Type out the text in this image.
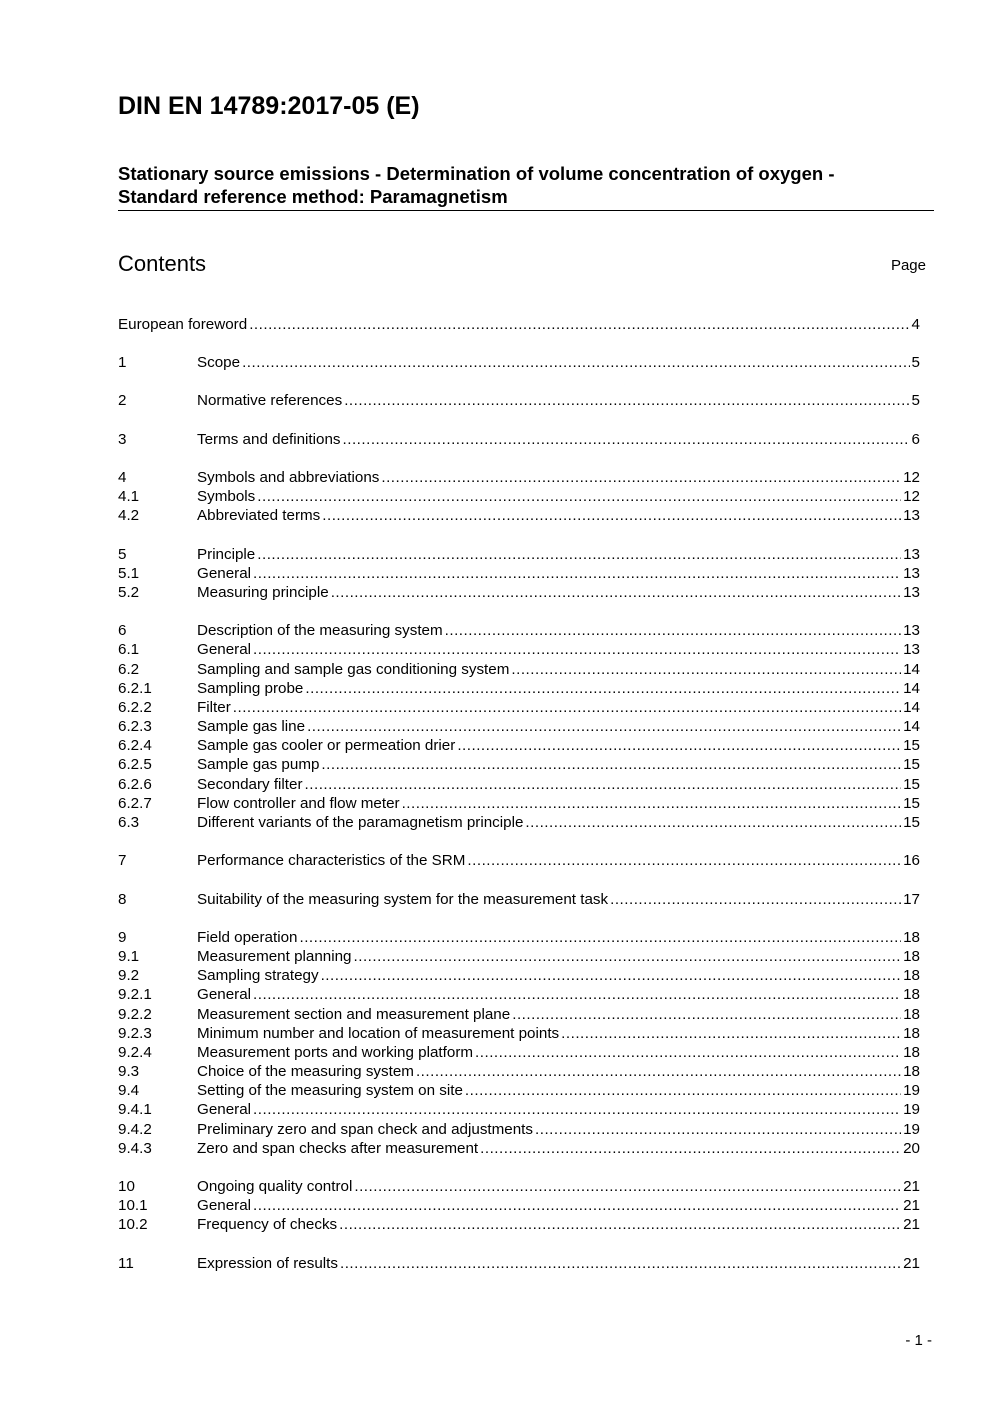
DIN EN 14789:2017-05 (E)
Stationary source emissions - Determination of volume concentration of oxygen -
Standard reference method: Paramagnetism
Contents	Page
European foreword .....	4
1	Scope .....	5
2	Normative references .....	5
3	Terms and definitions .....	6
4	Symbols and abbreviations .....	12
4.1	Symbols .....	12
4.2	Abbreviated terms .....	13
5	Principle .....	13
5.1	General .....	13
5.2	Measuring principle .....	13
6	Description of the measuring system .....	13
6.1	General .....	13
6.2	Sampling and sample gas conditioning system .....	14
6.2.1	Sampling probe .....	14
6.2.2	Filter .....	14
6.2.3	Sample gas line .....	14
6.2.4	Sample gas cooler or permeation drier .....	15
6.2.5	Sample gas pump .....	15
6.2.6	Secondary filter .....	15
6.2.7	Flow controller and flow meter .....	15
6.3	Different variants of the paramagnetism principle .....	15
7	Performance characteristics of the SRM .....	16
8	Suitability of the measuring system for the measurement task .....	17
9	Field operation .....	18
9.1	Measurement planning .....	18
9.2	Sampling strategy .....	18
9.2.1	General .....	18
9.2.2	Measurement section and measurement plane .....	18
9.2.3	Minimum number and location of measurement points .....	18
9.2.4	Measurement ports and working platform .....	18
9.3	Choice of the measuring system .....	18
9.4	Setting of the measuring system on site .....	19
9.4.1	General .....	19
9.4.2	Preliminary zero and span check and adjustments .....	19
9.4.3	Zero and span checks after measurement .....	20
10	Ongoing quality control .....	21
10.1	General .....	21
10.2	Frequency of checks .....	21
11	Expression of results .....	21
- 1 -
